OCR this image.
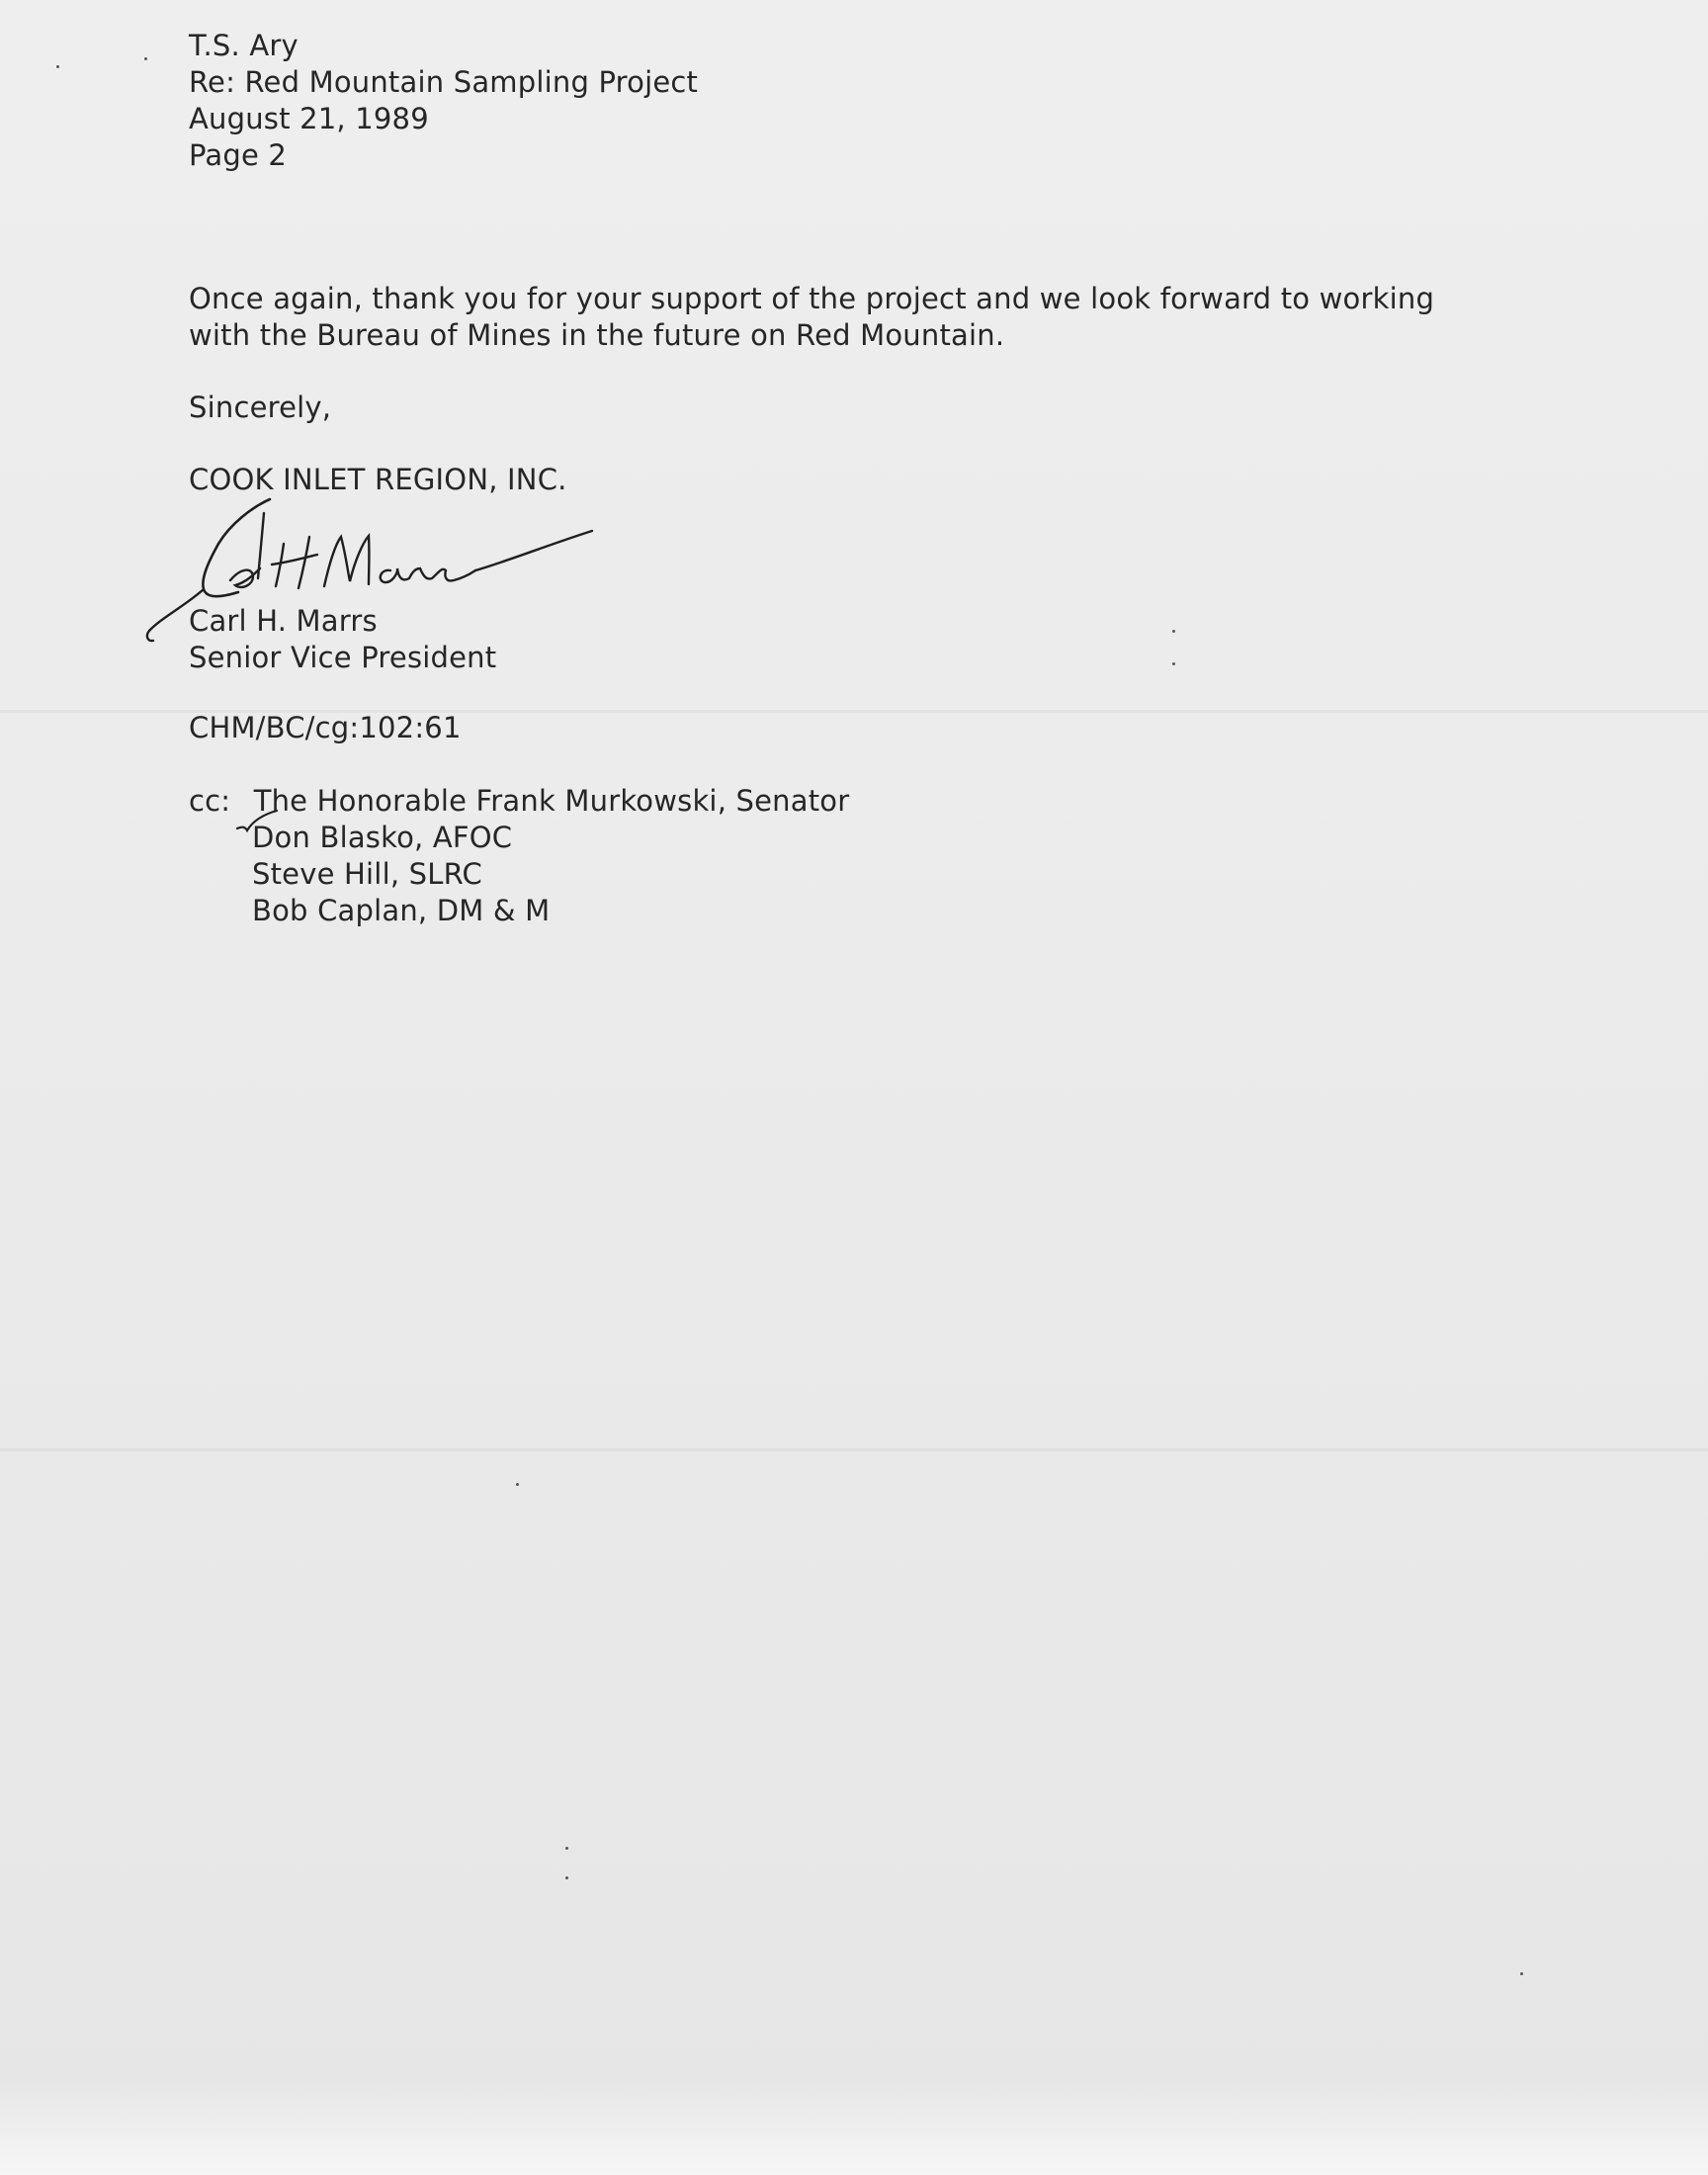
T.S. Ary
Re: Red Mountain Sampling Project
August 21, 1989
Page 2
Once again, thank you for your support of the project and we look forward to working
with the Bureau of Mines in the future on Red Mountain.
Sincerely,
COOK INLET REGION, INC.
Carl H. Marrs
Senior Vice President
CHM/BC/cg:102:61
cc: The Honorable Frank Murkowski, Senator
Don Blasko, AFOC
Steve Hill, SLRC
Bob Caplan, DM & M
